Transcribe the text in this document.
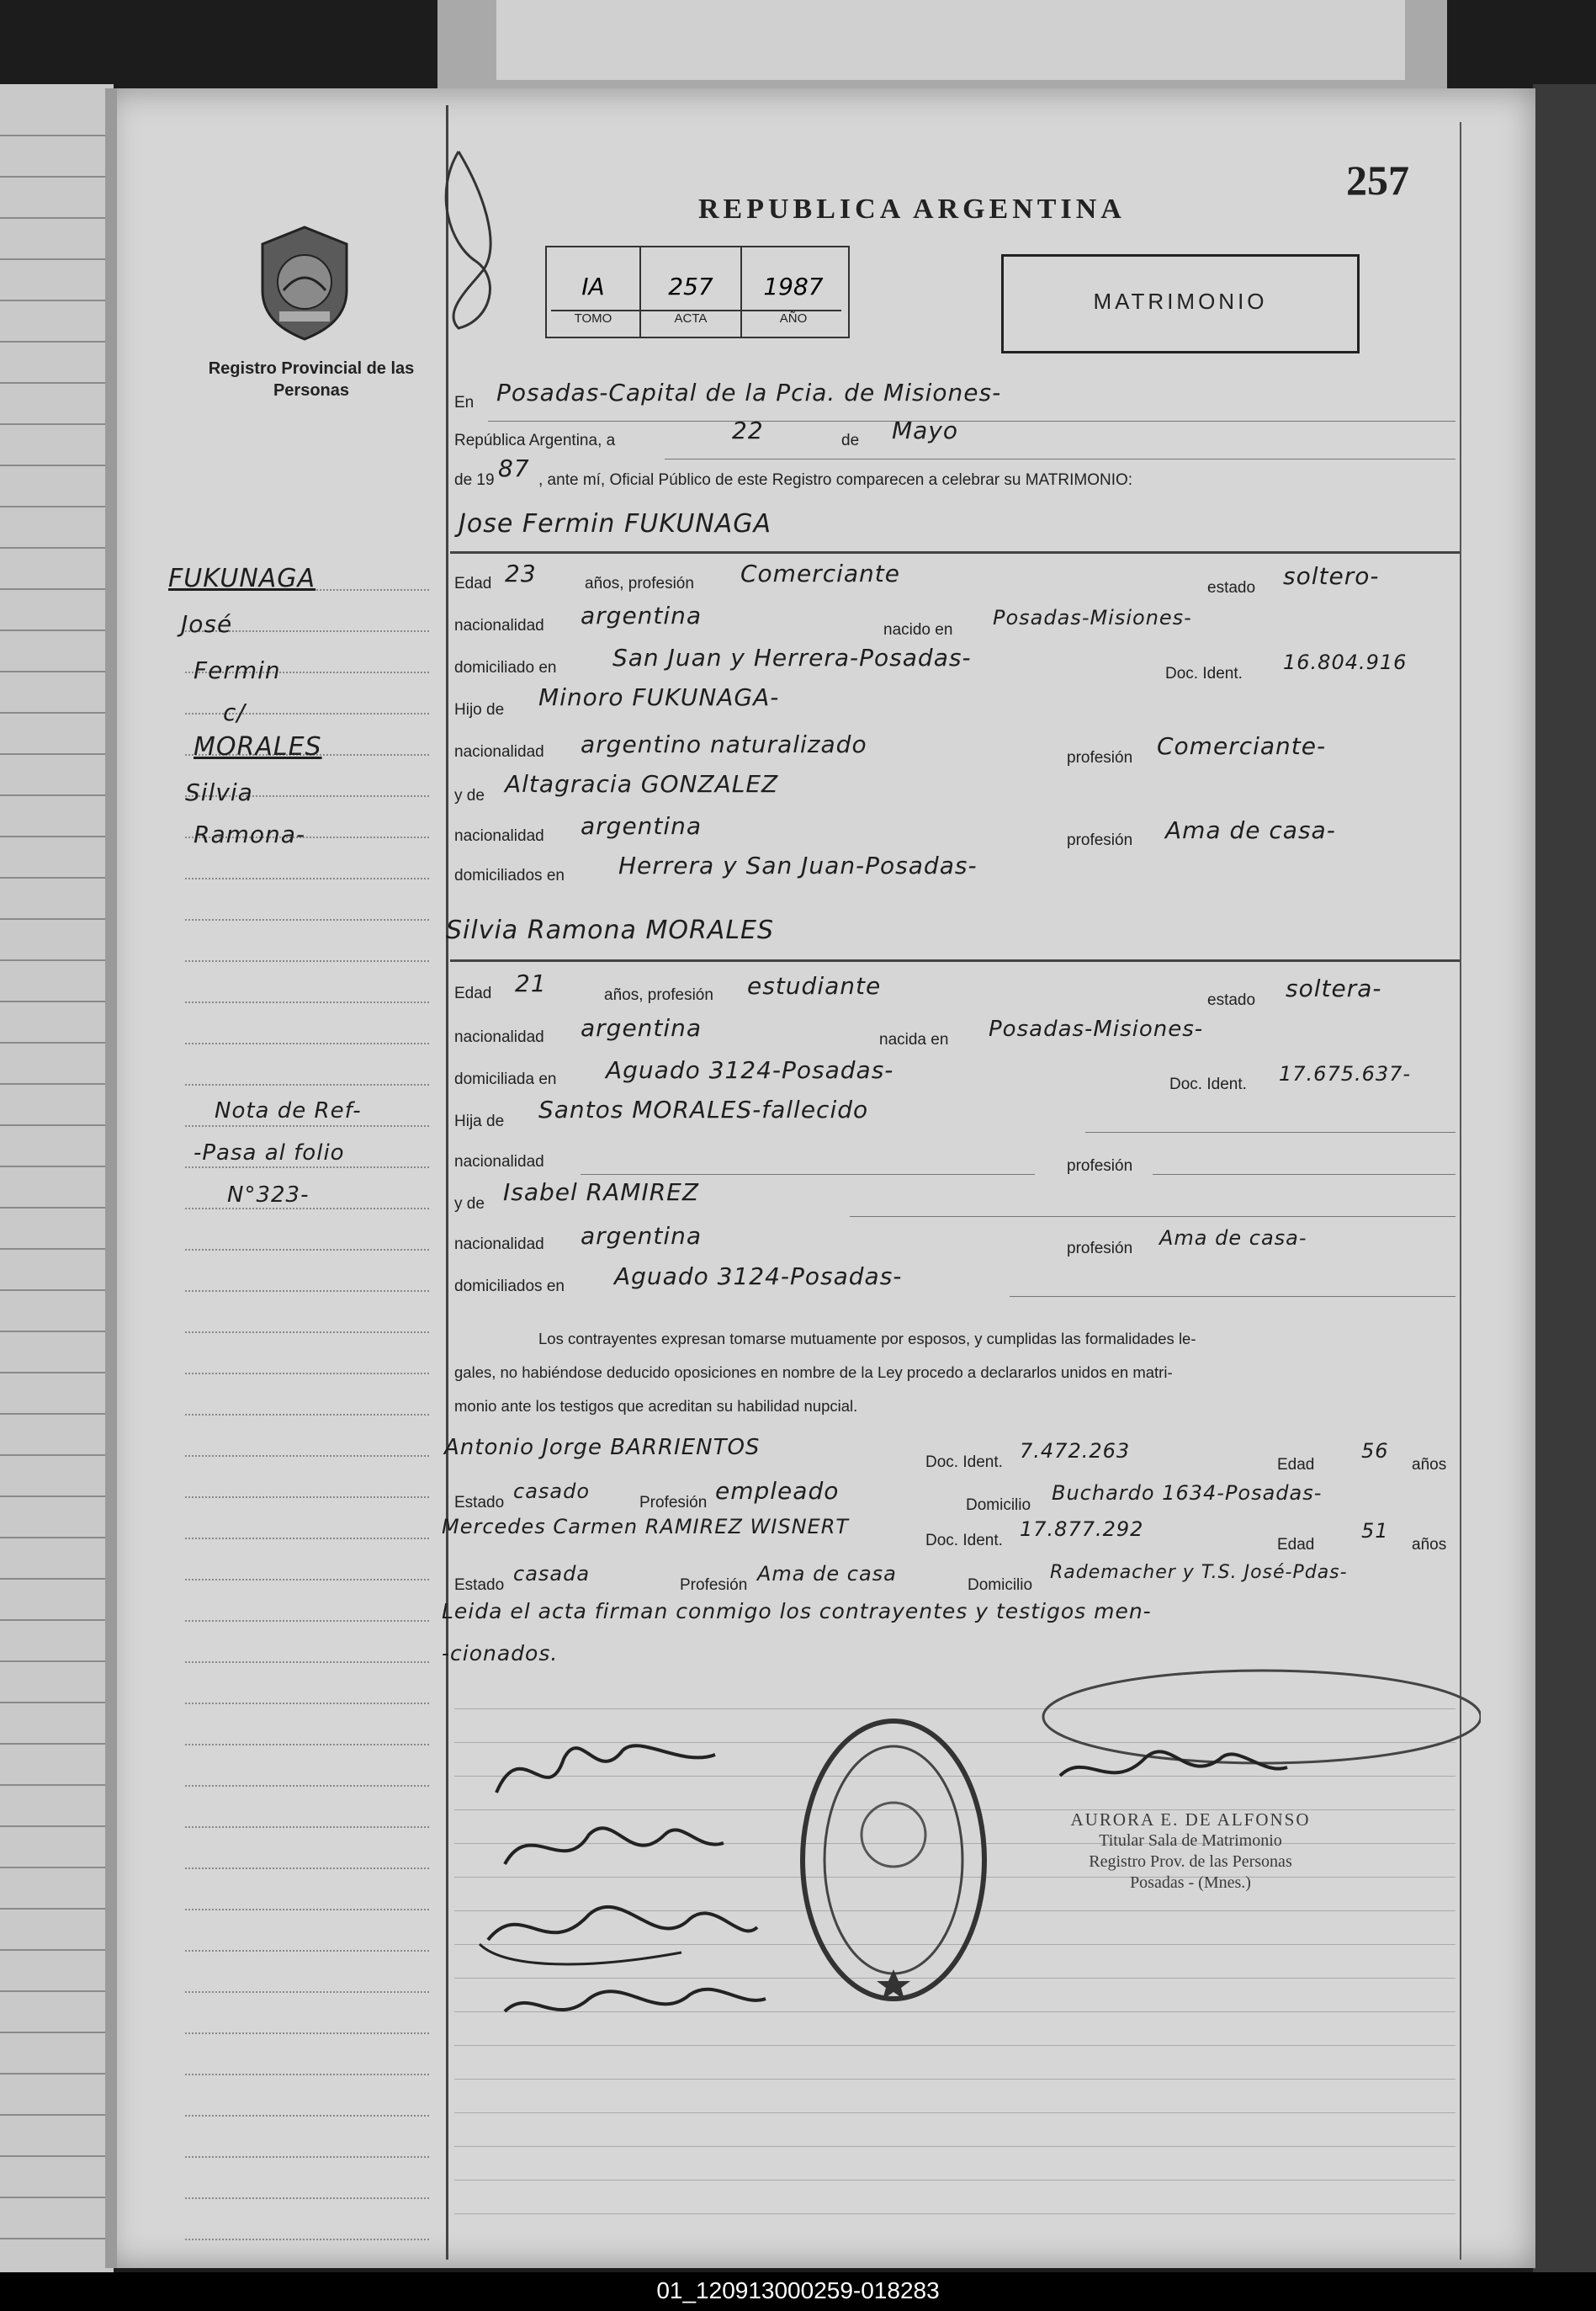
257
REPUBLICA ARGENTINA
MATRIMONIO
IA
TOMO
257
ACTA
1987
AÑO
Registro Provincial de las Personas
FUKUNAGA
José
Fermin
c/
MORALES
Silvia
Ramona-
Nota de Ref-
-Pasa al folio
N°323-
En Posadas-Capital de la Pcia. de Misiones-
República Argentina, a	22	de Mayo
de 19 87 , ante mí, Oficial Público de este Registro comparecen a celebrar su MATRIMONIO:
Jose Fermin FUKUNAGA
Edad 23	años, profesión Comerciante
estado soltero-
nacionalidad argentina
nacido en
Posadas-Misiones-
domiciliado en San Juan y Herrera-Posadas-
Doc. Ident. 16.804.916
Hijo de Minoro FUKUNAGA-
nacionalidad argentino naturalizado	profesión Comerciante-
y de Altagracia GONZALEZ
nacionalidad argentina
profesión Ama de casa-
domiciliados en Herrera y San Juan-Posadas-
Silvia Ramona MORALES
Edad 21	años, profesión estudiante
estado soltera-
nacionalidad argentina	nacida en Posadas-Misiones-
domiciliada en Aguado 3124-Posadas-
Doc. Ident. 17.675.637-
Hija de Santos MORALES-fallecido
nacionalidad	profesión
y de Isabel RAMIREZ
nacionalidad argentina	profesión Ama de casa-
domiciliados en Aguado 3124-Posadas-
Los contrayentes expresan tomarse mutuamente por esposos, y cumplidas las formalidades le-
gales, no habiéndose deducido oposiciones en nombre de la Ley procedo a declararlos unidos en matri-
monio ante los testigos que acreditan su habilidad nupcial.
Antonio Jorge BARRIENTOS
Doc. Ident. 7.472.263
Edad
56
años
Estado casado	Profesión empleado
Domicilio
Buchardo 1634-Posadas-
Mercedes Carmen RAMIREZ WISNERT
Doc. Ident. 17.877.292
Edad
51
años
Estado casada	Profesión Ama de casa	Domicilio
Rademacher y T.S. José-Pdas-
Leida el acta firman conmigo los contrayentes y testigos men-
-cionados.
AURORA E. DE ALFONSO
Titular Sala de Matrimonio
Registro Prov. de las Personas
Posadas - (Mnes.)
01_120913000259-018283
